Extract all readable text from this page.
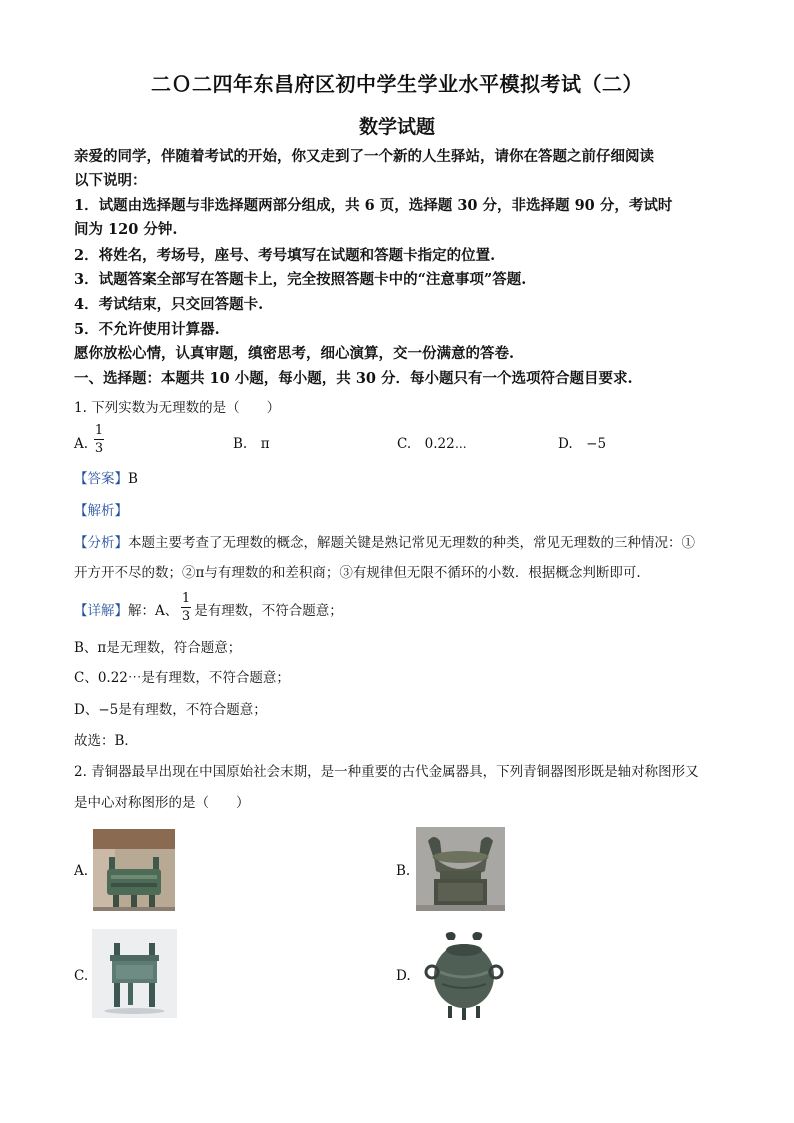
二Ｏ二四年东昌府区初中学生学业水平模拟考试（二）
数学试题
亲爱的同学，伴随着考试的开始，你又走到了一个新的人生驿站，请你在答题之前仔细阅读
以下说明：
1．试题由选择题与非选择题两部分组成，共 6 页，选择题 30 分，非选择题 90 分，考试时
间为 120 分钟.
2．将姓名，考场号，座号、考号填写在试题和答题卡指定的位置.
3．试题答案全部写在答题卡上，完全按照答题卡中的“注意事项”答题.
4．考试结束，只交回答题卡.
5．不允许使用计算器.
愿你放松心情，认真审题，缜密思考，细心演算，交一份满意的答卷.
一、选择题：本题共 10 小题，每小题，共 30 分．每小题只有一个选项符合题目要求.
1. 下列实数为无理数的是（　　）
A.
1
3	B.　π	C.　0.22⋯	D.　−5
【答案】B
【解析】
【分析】本题主要考查了无理数的概念，解题关键是熟记常见无理数的种类，常见无理数的三种情况：①
开方开不尽的数；②π与有理数的和差积商；③有规律但无限不循环的小数．根据概念判断即可.
【详解】解：A、 是有理数，不符合题意；
1
3
B、π是无理数，符合题意；
C、0.22⋯是有理数，不符合题意；
D、−5是有理数，不符合题意；
故选：B．
2. 青铜器最早出现在中国原始社会末期，是一种重要的古代金属器具，下列青铜器图形既是轴对称图形又
是中心对称图形的是（　　）
A.	B.
C.	D.
